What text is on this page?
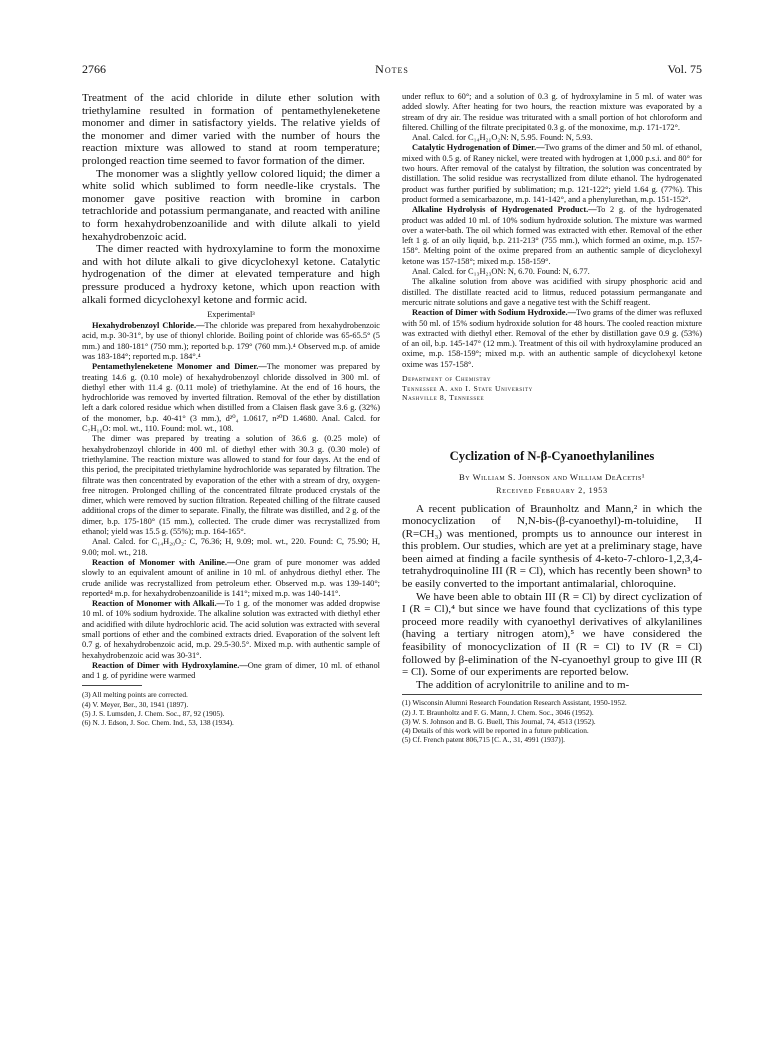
2766	Notes	Vol. 75

Treatment of the acid chloride in dilute ether solution with triethylamine resulted in formation of pentamethyleneketene monomer and dimer in satisfactory yields. The relative yields of the monomer and dimer varied with the number of hours the reaction mixture was allowed to stand at room temperature; prolonged reaction time seemed to favor formation of the dimer.

The monomer was a slightly yellow colored liquid; the dimer a white solid which sublimed to form needle-like crystals. The monomer gave positive reaction with bromine in carbon tetrachloride and potassium permanganate, and reacted with aniline to form hexahydrobenzoanilide and with dilute alkali to yield hexahydrobenzoic acid.

The dimer reacted with hydroxylamine to form the monoxime and with hot dilute alkali to give dicyclohexyl ketone. Catalytic hydrogenation of the dimer at elevated temperature and high pressure produced a hydroxy ketone, which upon reaction with alkali formed dicyclohexyl ketone and formic acid.

Experimental³

Hexahydrobenzoyl Chloride.—The chloride was prepared from hexahydrobenzoic acid, m.p. 30-31°, by use of thionyl chloride. Boiling point of chloride was 65-65.5° (5 mm.) and 180-181° (750 mm.); reported b.p. 179° (760 mm.).⁴ Observed m.p. of amide was 183-184°; reported m.p. 184°.⁴

Pentamethyleneketene Monomer and Dimer.—The monomer was prepared by treating 14.6 g. (0.10 mole) of hexahydrobenzoyl chloride dissolved in 300 ml. of diethyl ether with 11.4 g. (0.11 mole) of triethylamine. At the end of 16 hours, the hydrochloride was removed by inverted filtration. Removal of the ether by distillation left a dark colored residue which when distilled from a Claisen flask gave 3.6 g. (32%) of the monomer, b.p. 40-41° (3 mm.), d²⁰₄ 1.0617, n²⁰D 1.4680. Anal. Calcd. for C₇H₁₀O: mol. wt., 110. Found: mol. wt., 108.

The dimer was prepared by treating a solution of 36.6 g. (0.25 mole) of hexahydrobenzoyl chloride in 400 ml. of diethyl ether with 30.3 g. (0.30 mole) of triethylamine. The reaction mixture was allowed to stand for four days. At the end of this period, the precipitated triethylamine hydrochloride was separated by filtration. The filtrate was then concentrated by evaporation of the ether with a stream of dry, oxygen-free nitrogen. Prolonged chilling of the concentrated filtrate produced crystals of the dimer, which were removed by suction filtration. Repeated chilling of the filtrate caused additional crops of the dimer to separate. Finally, the filtrate was distilled, and 2 g. of the dimer, b.p. 175-180° (15 mm.), collected. The crude dimer was recrystallized from ethanol; yield was 15.5 g. (55%); m.p. 164-165°.

Anal. Calcd. for C₁₄H₂₀O₂: C, 76.36; H, 9.09; mol. wt., 220. Found: C, 75.90; H, 9.00; mol. wt., 218.

Reaction of Monomer with Aniline.—One gram of pure monomer was added slowly to an equivalent amount of aniline in 10 ml. of anhydrous diethyl ether. The crude anilide was recrystallized from petroleum ether. Observed m.p. was 139-140°; reported⁴ m.p. for hexahydrobenzoanilide is 141°; mixed m.p. was 140-141°.

Reaction of Monomer with Alkali.—To 1 g. of the monomer was added dropwise 10 ml. of 10% sodium hydroxide. The alkaline solution was extracted with diethyl ether and acidified with dilute hydrochloric acid. The acid solution was extracted with several small portions of ether and the combined extracts dried. Evaporation of the solvent left 0.7 g. of hexahydrobenzoic acid, m.p. 29.5-30.5°. Mixed m.p. with authentic sample of hexahydrobenzoic acid was 30-31°.

Reaction of Dimer with Hydroxylamine.—One gram of dimer, 10 ml. of ethanol and 1 g. of pyridine were warmed

(3) All melting points are corrected.

(4) V. Meyer, Ber., 30, 1941 (1897).

(5) J. S. Lumsden, J. Chem. Soc., 87, 92 (1905).

(6) N. J. Edson, J. Soc. Chem. Ind., 53, 138 (1934).

under reflux to 60°; and a solution of 0.3 g. of hydroxylamine in 5 ml. of water was added slowly. After heating for two hours, the reaction mixture was evaporated by a stream of dry air. The residue was triturated with a small portion of hot chloroform and filtered. Chilling of the filtrate precipitated 0.3 g. of the monoxime, m.p. 171-172°.

Anal. Calcd. for C₁₄H₂₁O₂N: N, 5.95. Found: N, 5.93.

Catalytic Hydrogenation of Dimer.—Two grams of the dimer and 50 ml. of ethanol, mixed with 0.5 g. of Raney nickel, were treated with hydrogen at 1,000 p.s.i. and 80° for two hours. After removal of the catalyst by filtration, the solution was concentrated by distillation. The solid residue was recrystallized from dilute ethanol. The hydrogenated product was further purified by sublimation; m.p. 121-122°; yield 1.64 g. (77%). This product formed a semicarbazone, m.p. 141-142°, and a phenylurethan, m.p. 151-152°.

Alkaline Hydrolysis of Hydrogenated Product.—To 2 g. of the hydrogenated product was added 10 ml. of 10% sodium hydroxide solution. The mixture was warmed over a water-bath. The oil which formed was extracted with ether. Removal of the ether left 1 g. of an oily liquid, b.p. 211-213° (755 mm.), which formed an oxime, m.p. 157-158°. Melting point of the oxime prepared from an authentic sample of dicyclohexyl ketone was 157-158°; mixed m.p. 158-159°.

Anal. Calcd. for C₁₃H₂₃ON: N, 6.70. Found: N, 6.77.

The alkaline solution from above was acidified with sirupy phosphoric acid and distilled. The distillate reacted acid to litmus, reduced potassium permanganate and mercuric nitrate solutions and gave a negative test with the Schiff reagent.

Reaction of Dimer with Sodium Hydroxide.—Two grams of the dimer was refluxed with 50 ml. of 15% sodium hydroxide solution for 48 hours. The cooled reaction mixture was extracted with diethyl ether. Removal of the ether by distillation gave 0.9 g. (53%) of an oil, b.p. 145-147° (12 mm.). Treatment of this oil with hydroxylamine produced an oxime, m.p. 158-159°; mixed m.p. with an authentic sample of dicyclohexyl ketone oxime was 157-158°.

Department of Chemistry
Tennessee A. and I. State University
Nashville 8, Tennessee
Cyclization of N-β-Cyanoethylanilines
By William S. Johnson and William DeAcetis¹
Received February 2, 1953

A recent publication of Braunholtz and Mann,² in which the monocyclization of N,N-bis-(β-cyanoethyl)-m-toluidine, II (R=CH₃) was mentioned, prompts us to announce our interest in this problem. Our studies, which are yet at a preliminary stage, have been aimed at finding a facile synthesis of 4-keto-7-chloro-1,2,3,4-tetrahydroquinoline III (R = Cl), which has recently been shown³ to be easily converted to the important antimalarial, chloroquine.

We have been able to obtain III (R = Cl) by direct cyclization of I (R = Cl),⁴ but since we have found that cyclizations of this type proceed more readily with cyanoethyl derivatives of alkylanilines (having a tertiary nitrogen atom),⁵ we have considered the feasibility of monocyclization of II (R = Cl) to IV (R = Cl) followed by β-elimination of the N-cyanoethyl group to give III (R = Cl). Some of our experiments are reported below.

The addition of acrylonitrile to aniline and to m-

(1) Wisconsin Alumni Research Foundation Research Assistant, 1950-1952.

(2) J. T. Braunholtz and F. G. Mann, J. Chem. Soc., 3046 (1952).

(3) W. S. Johnson and B. G. Buell, This Journal, 74, 4513 (1952).

(4) Details of this work will be reported in a future publication.

(5) Cf. French patent 806,715 [C. A., 31, 4991 (1937)].
